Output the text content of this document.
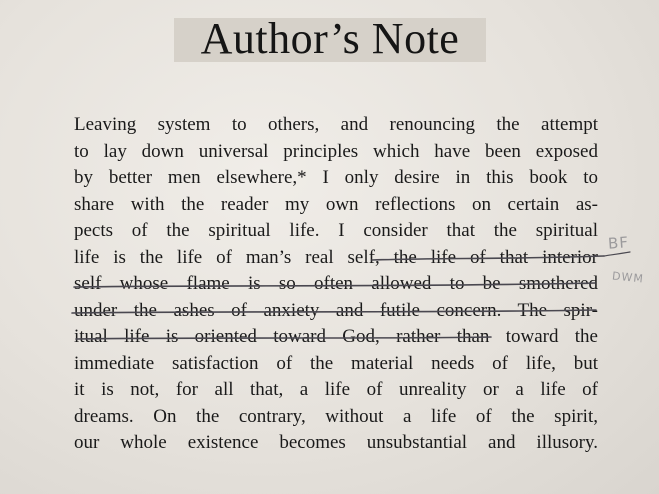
Author’s Note
Leaving system to others, and renouncing the attempt
to lay down universal principles which have been exposed
by better men elsewhere,* I only desire in this book to
share with the reader my own reflections on certain as-
pects of the spiritual life. I consider that the spiritual
life is the life of man’s real self, the life of that interior
self whose flame is so often allowed to be smothered
under the ashes of anxiety and futile concern. The spir-
itual life is oriented toward God, rather than toward the
immediate satisfaction of the material needs of life, but
it is not, for all that, a life of unreality or a life of
dreams. On the contrary, without a life of the spirit,
our whole existence becomes unsubstantial and illusory.
BF
DWM
